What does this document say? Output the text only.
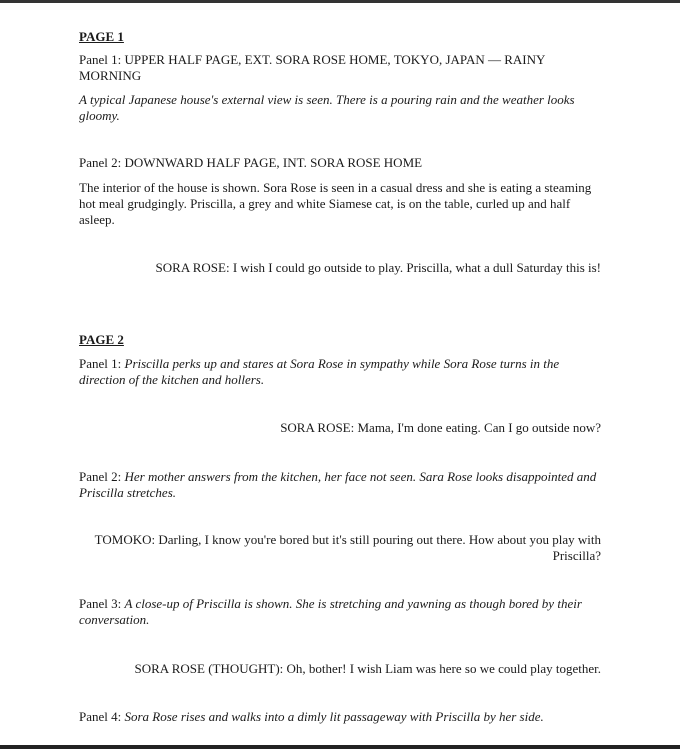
PAGE 1

Panel 1: UPPER HALF PAGE, EXT. SORA ROSE HOME, TOKYO, JAPAN — RAINY MORNING

A typical Japanese house's external view is seen. There is a pouring rain and the weather looks gloomy.

Panel 2: DOWNWARD HALF PAGE, INT. SORA ROSE HOME

The interior of the house is shown. Sora Rose is seen in a casual dress and she is eating a steaming hot meal grudgingly. Priscilla, a grey and white Siamese cat, is on the table, curled up and half asleep.

SORA ROSE: I wish I could go outside to play. Priscilla, what a dull Saturday this is!

PAGE 2

Panel 1: Priscilla perks up and stares at Sora Rose in sympathy while Sora Rose turns in the direction of the kitchen and hollers.

SORA ROSE: Mama, I'm done eating. Can I go outside now?

Panel 2: Her mother answers from the kitchen, her face not seen. Sara Rose looks disappointed and Priscilla stretches.

TOMOKO: Darling, I know you're bored but it's still pouring out there. How about you play with Priscilla?

Panel 3: A close-up of Priscilla is shown. She is stretching and yawning as though bored by their conversation.

SORA ROSE (THOUGHT): Oh, bother! I wish Liam was here so we could play together.

Panel 4: Sora Rose rises and walks into a dimly lit passageway with Priscilla by her side.
